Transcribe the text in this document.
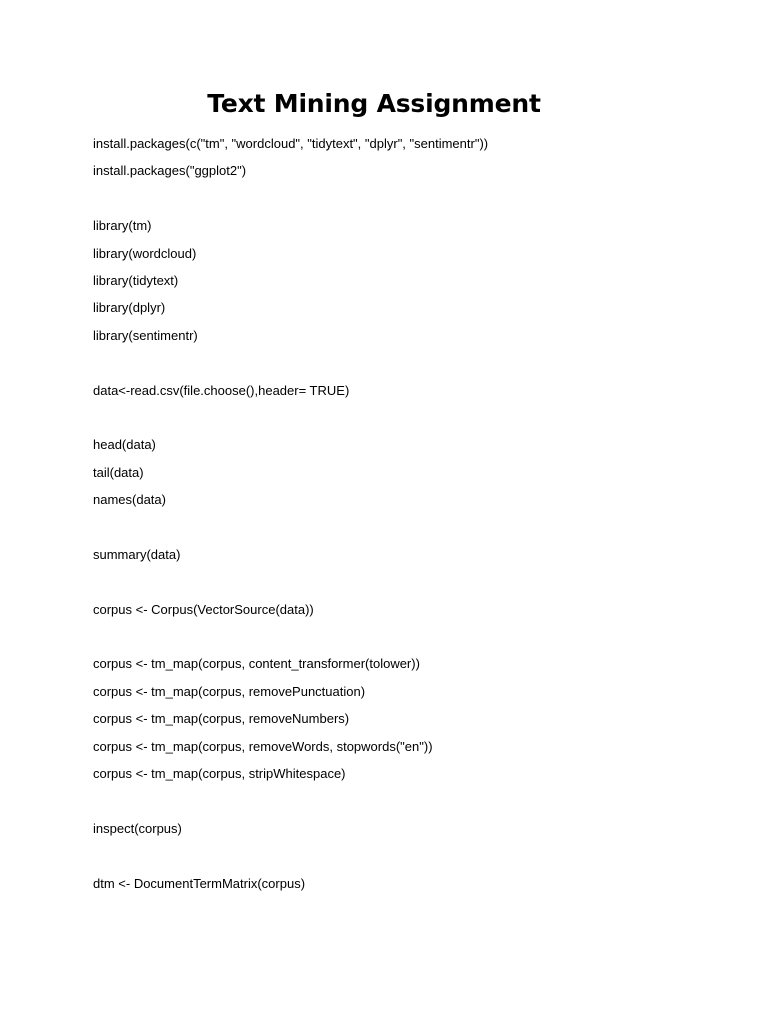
Text Mining Assignment
install.packages(c("tm", "wordcloud", "tidytext", "dplyr", "sentimentr"))
install.packages("ggplot2")
library(tm)
library(wordcloud)
library(tidytext)
library(dplyr)
library(sentimentr)
data<-read.csv(file.choose(),header= TRUE)
head(data)
tail(data)
names(data)
summary(data)
corpus <- Corpus(VectorSource(data))
corpus <- tm_map(corpus, content_transformer(tolower))
corpus <- tm_map(corpus, removePunctuation)
corpus <- tm_map(corpus, removeNumbers)
corpus <- tm_map(corpus, removeWords, stopwords("en"))
corpus <- tm_map(corpus, stripWhitespace)
inspect(corpus)
dtm <- DocumentTermMatrix(corpus)
